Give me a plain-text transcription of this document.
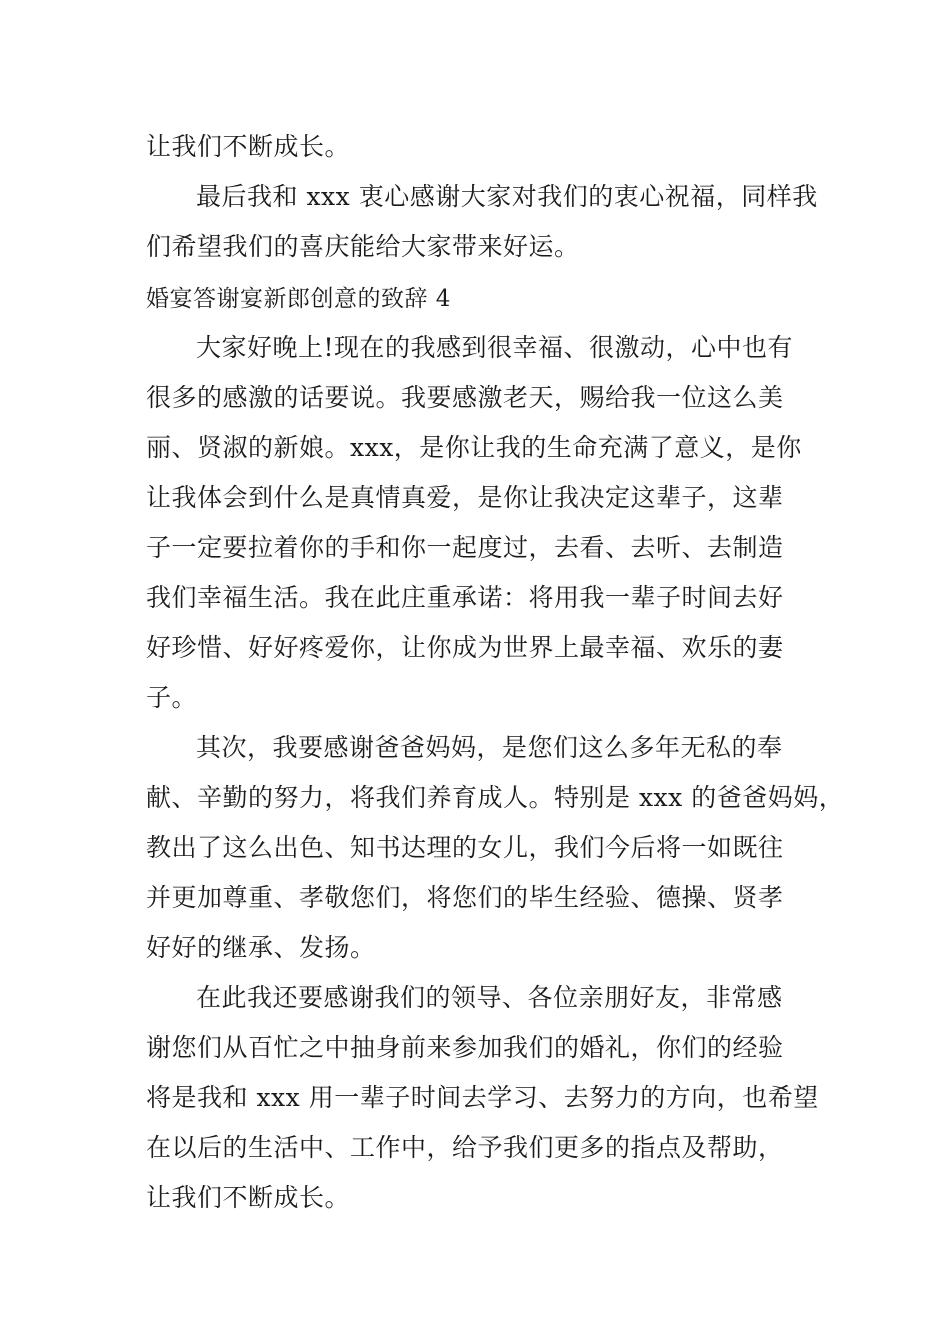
让我们不断成长。
最后我和 xxx 衷心感谢大家对我们的衷心祝福，同样我
们希望我们的喜庆能给大家带来好运。
婚宴答谢宴新郎创意的致辞 4
大家好晚上!现在的我感到很幸福、很激动，心中也有
很多的感激的话要说。我要感激老天，赐给我一位这么美
丽、贤淑的新娘。xxx，是你让我的生命充满了意义，是你
让我体会到什么是真情真爱，是你让我决定这辈子，这辈
子一定要拉着你的手和你一起度过，去看、去听、去制造
我们幸福生活。我在此庄重承诺：将用我一辈子时间去好
好珍惜、好好疼爱你，让你成为世界上最幸福、欢乐的妻
子。
其次，我要感谢爸爸妈妈，是您们这么多年无私的奉
献、辛勤的努力，将我们养育成人。特别是 xxx 的爸爸妈妈，
教出了这么出色、知书达理的女儿，我们今后将一如既往
并更加尊重、孝敬您们，将您们的毕生经验、德操、贤孝
好好的继承、发扬。
在此我还要感谢我们的领导、各位亲朋好友，非常感
谢您们从百忙之中抽身前来参加我们的婚礼，你们的经验
将是我和 xxx 用一辈子时间去学习、去努力的方向，也希望
在以后的生活中、工作中，给予我们更多的指点及帮助，
让我们不断成长。
